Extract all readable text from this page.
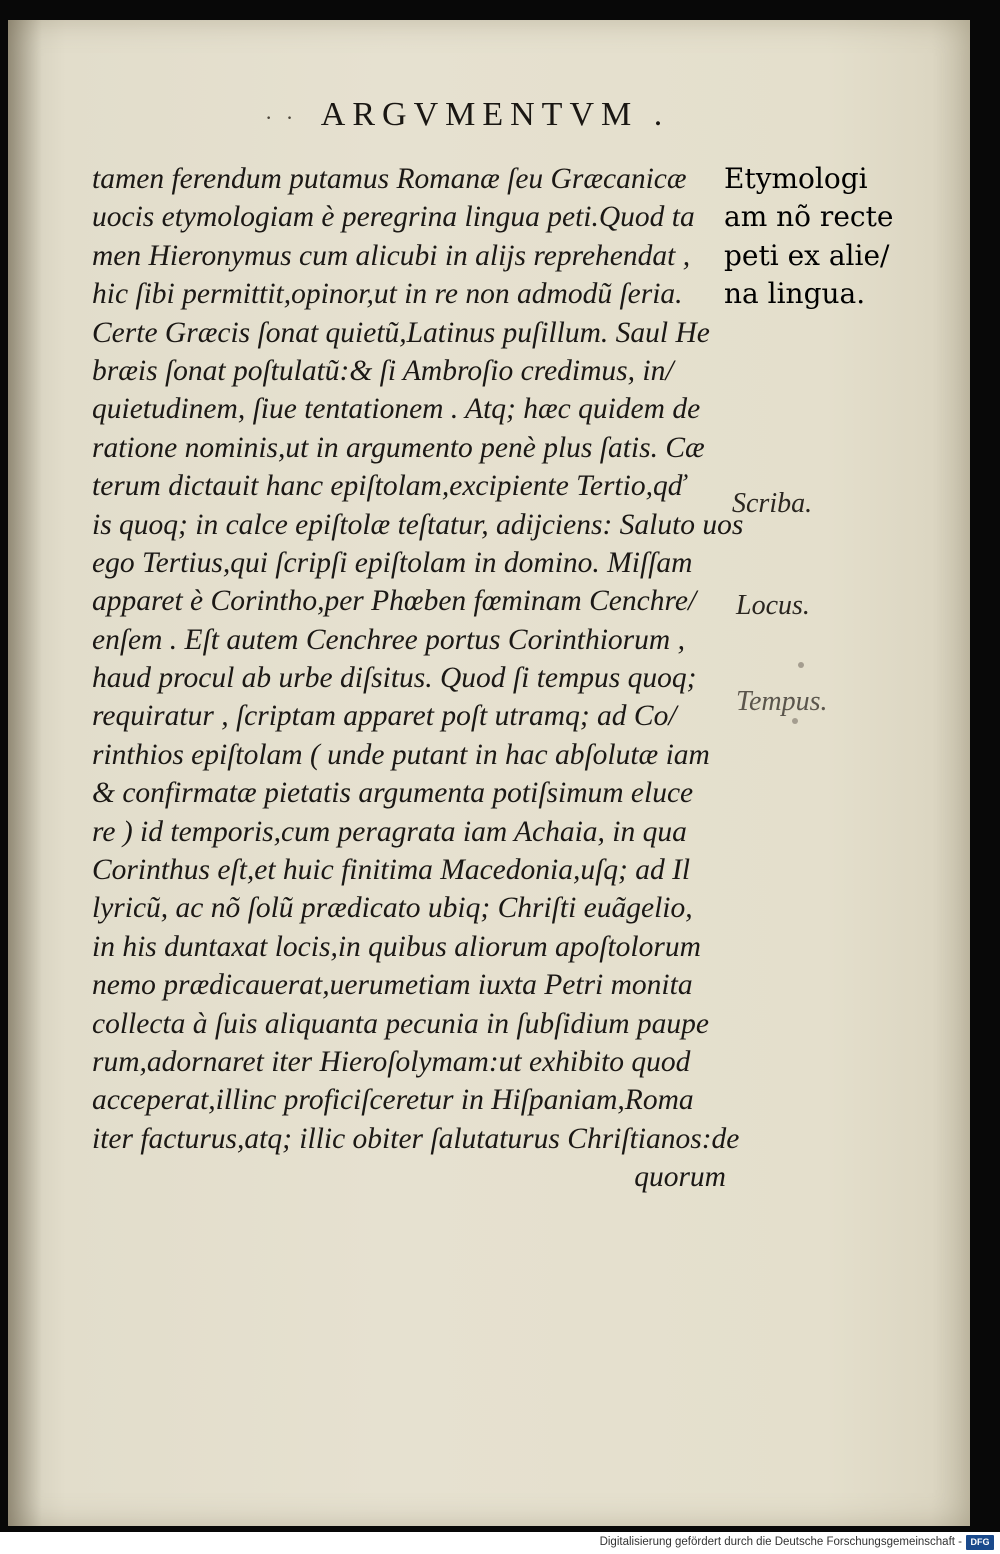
· · ARGVMENTVM .
tamen ferendum putamus Romanæ ſeu Græcanicæ
uocis etymologiam è peregrina lingua peti.Quod ta
men Hieronymus cum alicubi in alijs reprehendat ,
hic ſibi permittit,opinor,ut in re non admodũ ſeria.
Certe Græcis ſonat quietũ,Latinus puſillum. Saul He
bræis ſonat poſtulatũ:& ſi Ambroſio credimus, in/
quietudinem, ſiue tentationem . Atq; hæc quidem de
ratione nominis,ut in argumento penè plus ſatis. Cæ
terum dictauit hanc epiſtolam,excipiente Tertio,qď
is quoq; in calce epiſtolæ teſtatur, adijciens: Saluto uos
ego Tertius,qui ſcripſi epiſtolam in domino. Miſſam
apparet è Corintho,per Phœben fœminam Cenchre/
enſem . Eſt autem Cenchree portus Corinthiorum ,
haud procul ab urbe diſsitus. Quod ſi tempus quoq;
requiratur , ſcriptam apparet poſt utramq; ad Co/
rinthios epiſtolam ( unde putant in hac abſolutæ iam
& confirmatæ pietatis argumenta potiſsimum eluce
re ) id temporis,cum peragrata iam Achaia, in qua
Corinthus eſt,et huic finitima Macedonia,uſq; ad Il
lyricũ, ac nõ ſolũ prædicato ubiq; Chriſti euãgelio,
in his duntaxat locis,in quibus aliorum apoſtolorum
nemo prædicauerat,uerumetiam iuxta Petri monita
collecta à ſuis aliquanta pecunia in ſubſidium paupe
rum,adornaret iter Hieroſolymam:ut exhibito quod
acceperat,illinc proficiſceretur in Hiſpaniam,Roma
iter facturus,atq; illic obiter ſalutaturus Chriſtianos:de
quorum
Etymologi
am nõ recte
peti ex alie/
na lingua.
Scriba.
Locus.
Tempus.
Digitalisierung gefördert durch die Deutsche Forschungsgemeinschaft - DFG
